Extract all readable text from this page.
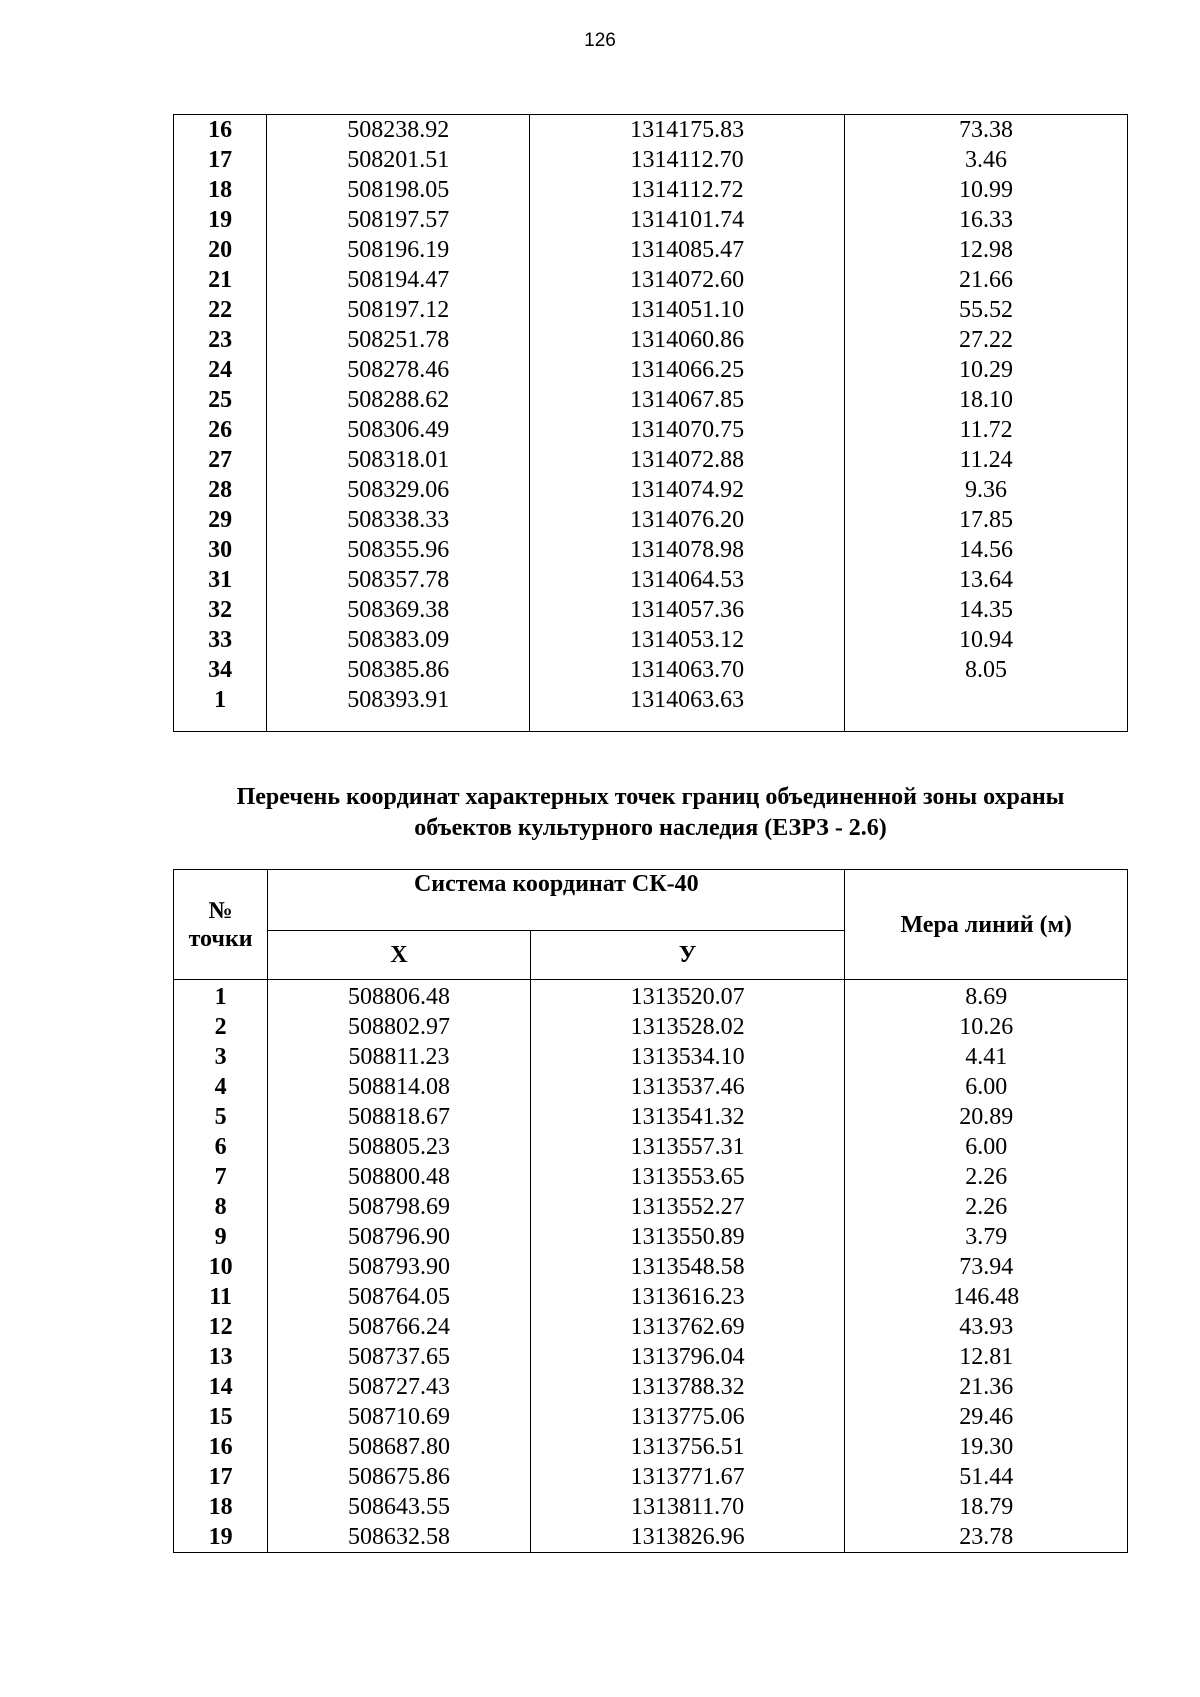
126
16	508238.92	1314175.83	73.38
17	508201.51	1314112.70	3.46
18	508198.05	1314112.72	10.99
19	508197.57	1314101.74	16.33
20	508196.19	1314085.47	12.98
21	508194.47	1314072.60	21.66
22	508197.12	1314051.10	55.52
23	508251.78	1314060.86	27.22
24	508278.46	1314066.25	10.29
25	508288.62	1314067.85	18.10
26	508306.49	1314070.75	11.72
27	508318.01	1314072.88	11.24
28	508329.06	1314074.92	9.36
29	508338.33	1314076.20	17.85
30	508355.96	1314078.98	14.56
31	508357.78	1314064.53	13.64
32	508369.38	1314057.36	14.35
33	508383.09	1314053.12	10.94
34	508385.86	1314063.70	8.05
1	508393.91	1314063.63	

Перечень координат характерных точек границ объединенной зоны охраны
объектов культурного наследия (ЕЗРЗ - 2.6)
№ точки	Система координат СК-40		Мера линий (м)
	Х	У	
1	508806.48	1313520.07	8.69
2	508802.97	1313528.02	10.26
3	508811.23	1313534.10	4.41
4	508814.08	1313537.46	6.00
5	508818.67	1313541.32	20.89
6	508805.23	1313557.31	6.00
7	508800.48	1313553.65	2.26
8	508798.69	1313552.27	2.26
9	508796.90	1313550.89	3.79
10	508793.90	1313548.58	73.94
11	508764.05	1313616.23	146.48
12	508766.24	1313762.69	43.93
13	508737.65	1313796.04	12.81
14	508727.43	1313788.32	21.36
15	508710.69	1313775.06	29.46
16	508687.80	1313756.51	19.30
17	508675.86	1313771.67	51.44
18	508643.55	1313811.70	18.79
19	508632.58	1313826.96	23.78
